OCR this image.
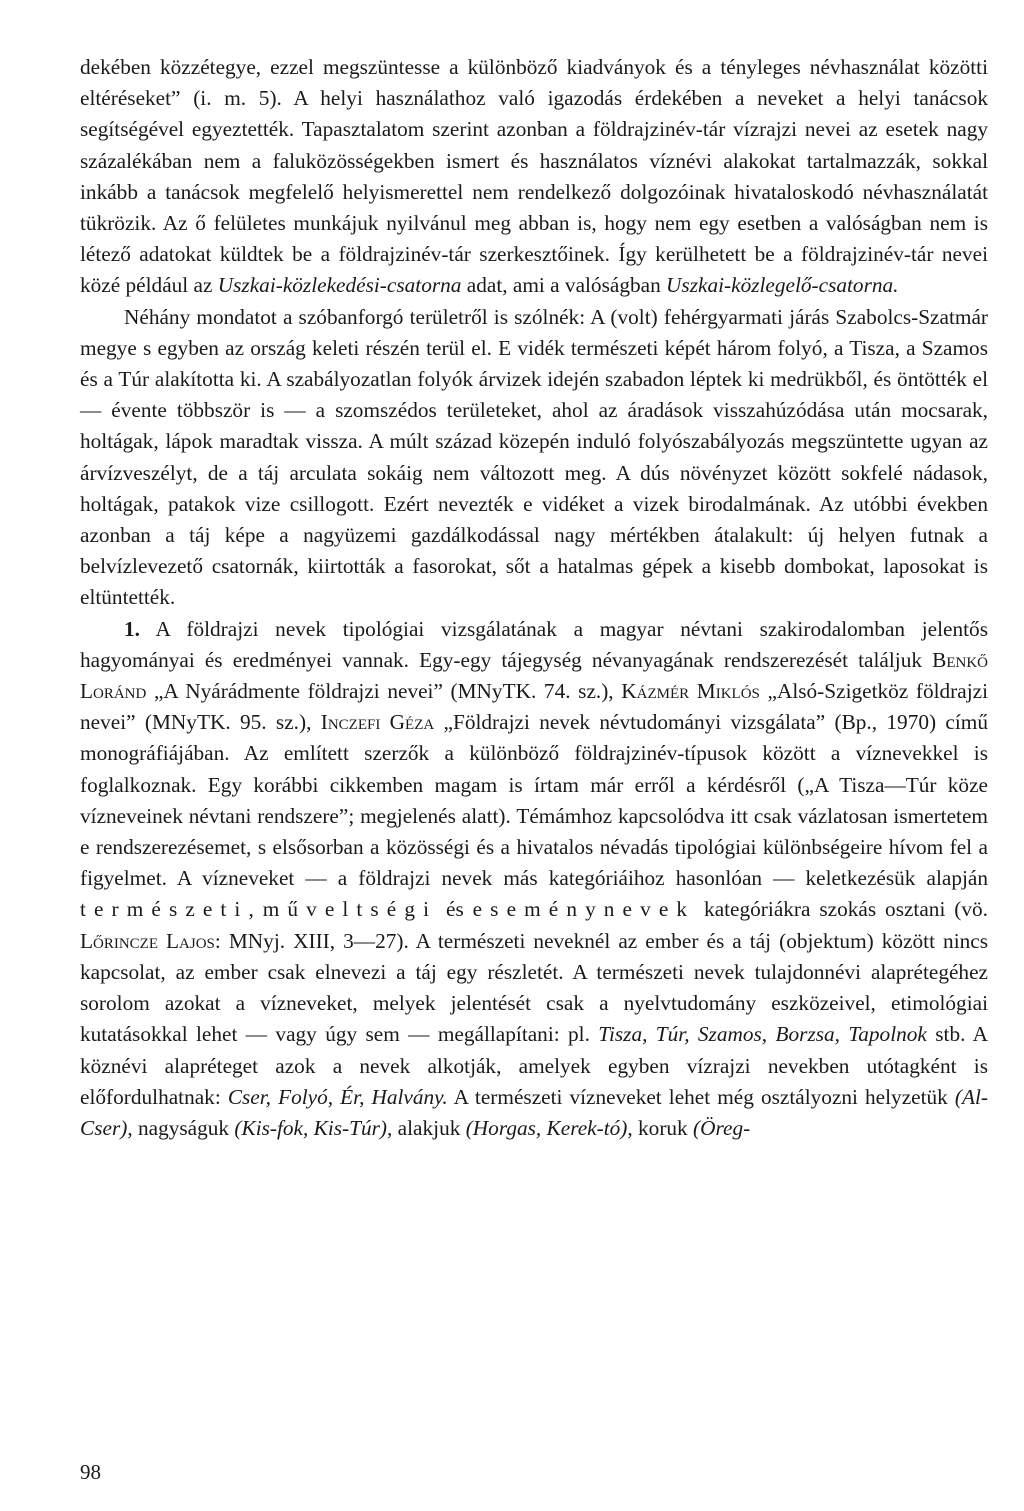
dekében közzétegye, ezzel megszüntesse a különböző kiadványok és a tényleges névhasználat közötti eltéréseket” (i. m. 5). A helyi használathoz való igazodás érdekében a neveket a helyi tanácsok segítségével egyeztették. Tapasztalatom szerint azonban a földrajzinév-tár vízrajzi nevei az esetek nagy százalékában nem a faluközösségekben ismert és használatos víznévi alakokat tartalmazzák, sokkal inkább a tanácsok megfelelő helyismerettel nem rendelkező dolgozóinak hivataloskodó névhasználatát tükrözik. Az ő felületes munkájuk nyilvánul meg abban is, hogy nem egy esetben a valóságban nem is létező adatokat küldtek be a földrajzinév-tár szerkesztőinek. Így kerülhetett be a földrajzinév-tár nevei közé például az Uszkai-közlekedési-csatorna adat, ami a valóságban Uszkai-közlegelő-csatorna.

Néhány mondatot a szóbanforgó területről is szólnék: A (volt) fehérgyarmati járás Szabolcs-Szatmár megye s egyben az ország keleti részén terül el. E vidék természeti képét három folyó, a Tisza, a Szamos és a Túr alakította ki. A szabályozatlan folyók árvizek idején szabadon léptek ki medrükből, és öntötték el — évente többször is — a szomszédos területeket, ahol az áradások visszahúzódása után mocsarak, holtágak, lápok maradtak vissza. A múlt század közepén induló folyószabályozás megszüntette ugyan az árvízveszélyt, de a táj arculata sokáig nem változott meg. A dús növényzet között sokfelé nádasok, holtágak, patakok vize csillogott. Ezért nevezték e vidéket a vizek birodalmának. Az utóbbi években azonban a táj képe a nagyüzemi gazdálkodással nagy mértékben átalakult: új helyen futnak a belvízlevezető csatornák, kiirtották a fasorokat, sőt a hatalmas gépek a kisebb dombokat, laposokat is eltüntették.

1. A földrajzi nevek tipológiai vizsgálatának a magyar névtani szakirodalomban jelentős hagyományai és eredményei vannak. Egy-egy tájegység névanyagának rendszerezését találjuk Benkő Loránd „A Nyárádmente földrajzi nevei” (MNyTK. 74. sz.), Kázmér Miklós „Alsó-Szigetköz földrajzi nevei” (MNyTK. 95. sz.), Inczefi Géza „Földrajzi nevek névtudományi vizsgálata” (Bp., 1970) című monográfiájában. Az említett szerzők a különböző földrajzinév-típusok között a víznevekkel is foglalkoznak. Egy korábbi cikkemben magam is írtam már erről a kérdésről („A Tisza—Túr köze vízneveinek névtani rendszere”; megjelenés alatt). Témámhoz kapcsolódva itt csak vázlatosan ismertetem e rendszerezésemet, s elsősorban a közösségi és a hivatalos névadás tipológiai különbségeire hívom fel a figyelmet. A vízneveket — a földrajzi nevek más kategóriáihoz hasonlóan — keletkezésük alapján természeti, műveltségi és eseménynevek kategóriákra szokás osztani (vö. Lőrincze Lajos: MNyj. XIII, 3—27). A természeti neveknél az ember és a táj (objektum) között nincs kapcsolat, az ember csak elnevezi a táj egy részletét. A természeti nevek tulajdonnévi alaprétegéhez sorolom azokat a vízneveket, melyek jelentését csak a nyelvtudomány eszközeivel, etimológiai kutatásokkal lehet — vagy úgy sem — megállapítani: pl. Tisza, Túr, Szamos, Borzsa, Tapolnok stb. A köznévi alapréteget azok a nevek alkotják, amelyek egyben vízrajzi nevekben utótagként is előfordulhatnak: Cser, Folyó, Ér, Halvány. A természeti vízneveket lehet még osztályozni helyzetük (Al-Cser), nagyságuk (Kis-fok, Kis-Túr), alakjuk (Horgas, Kerek-tó), koruk (Öreg-

98
